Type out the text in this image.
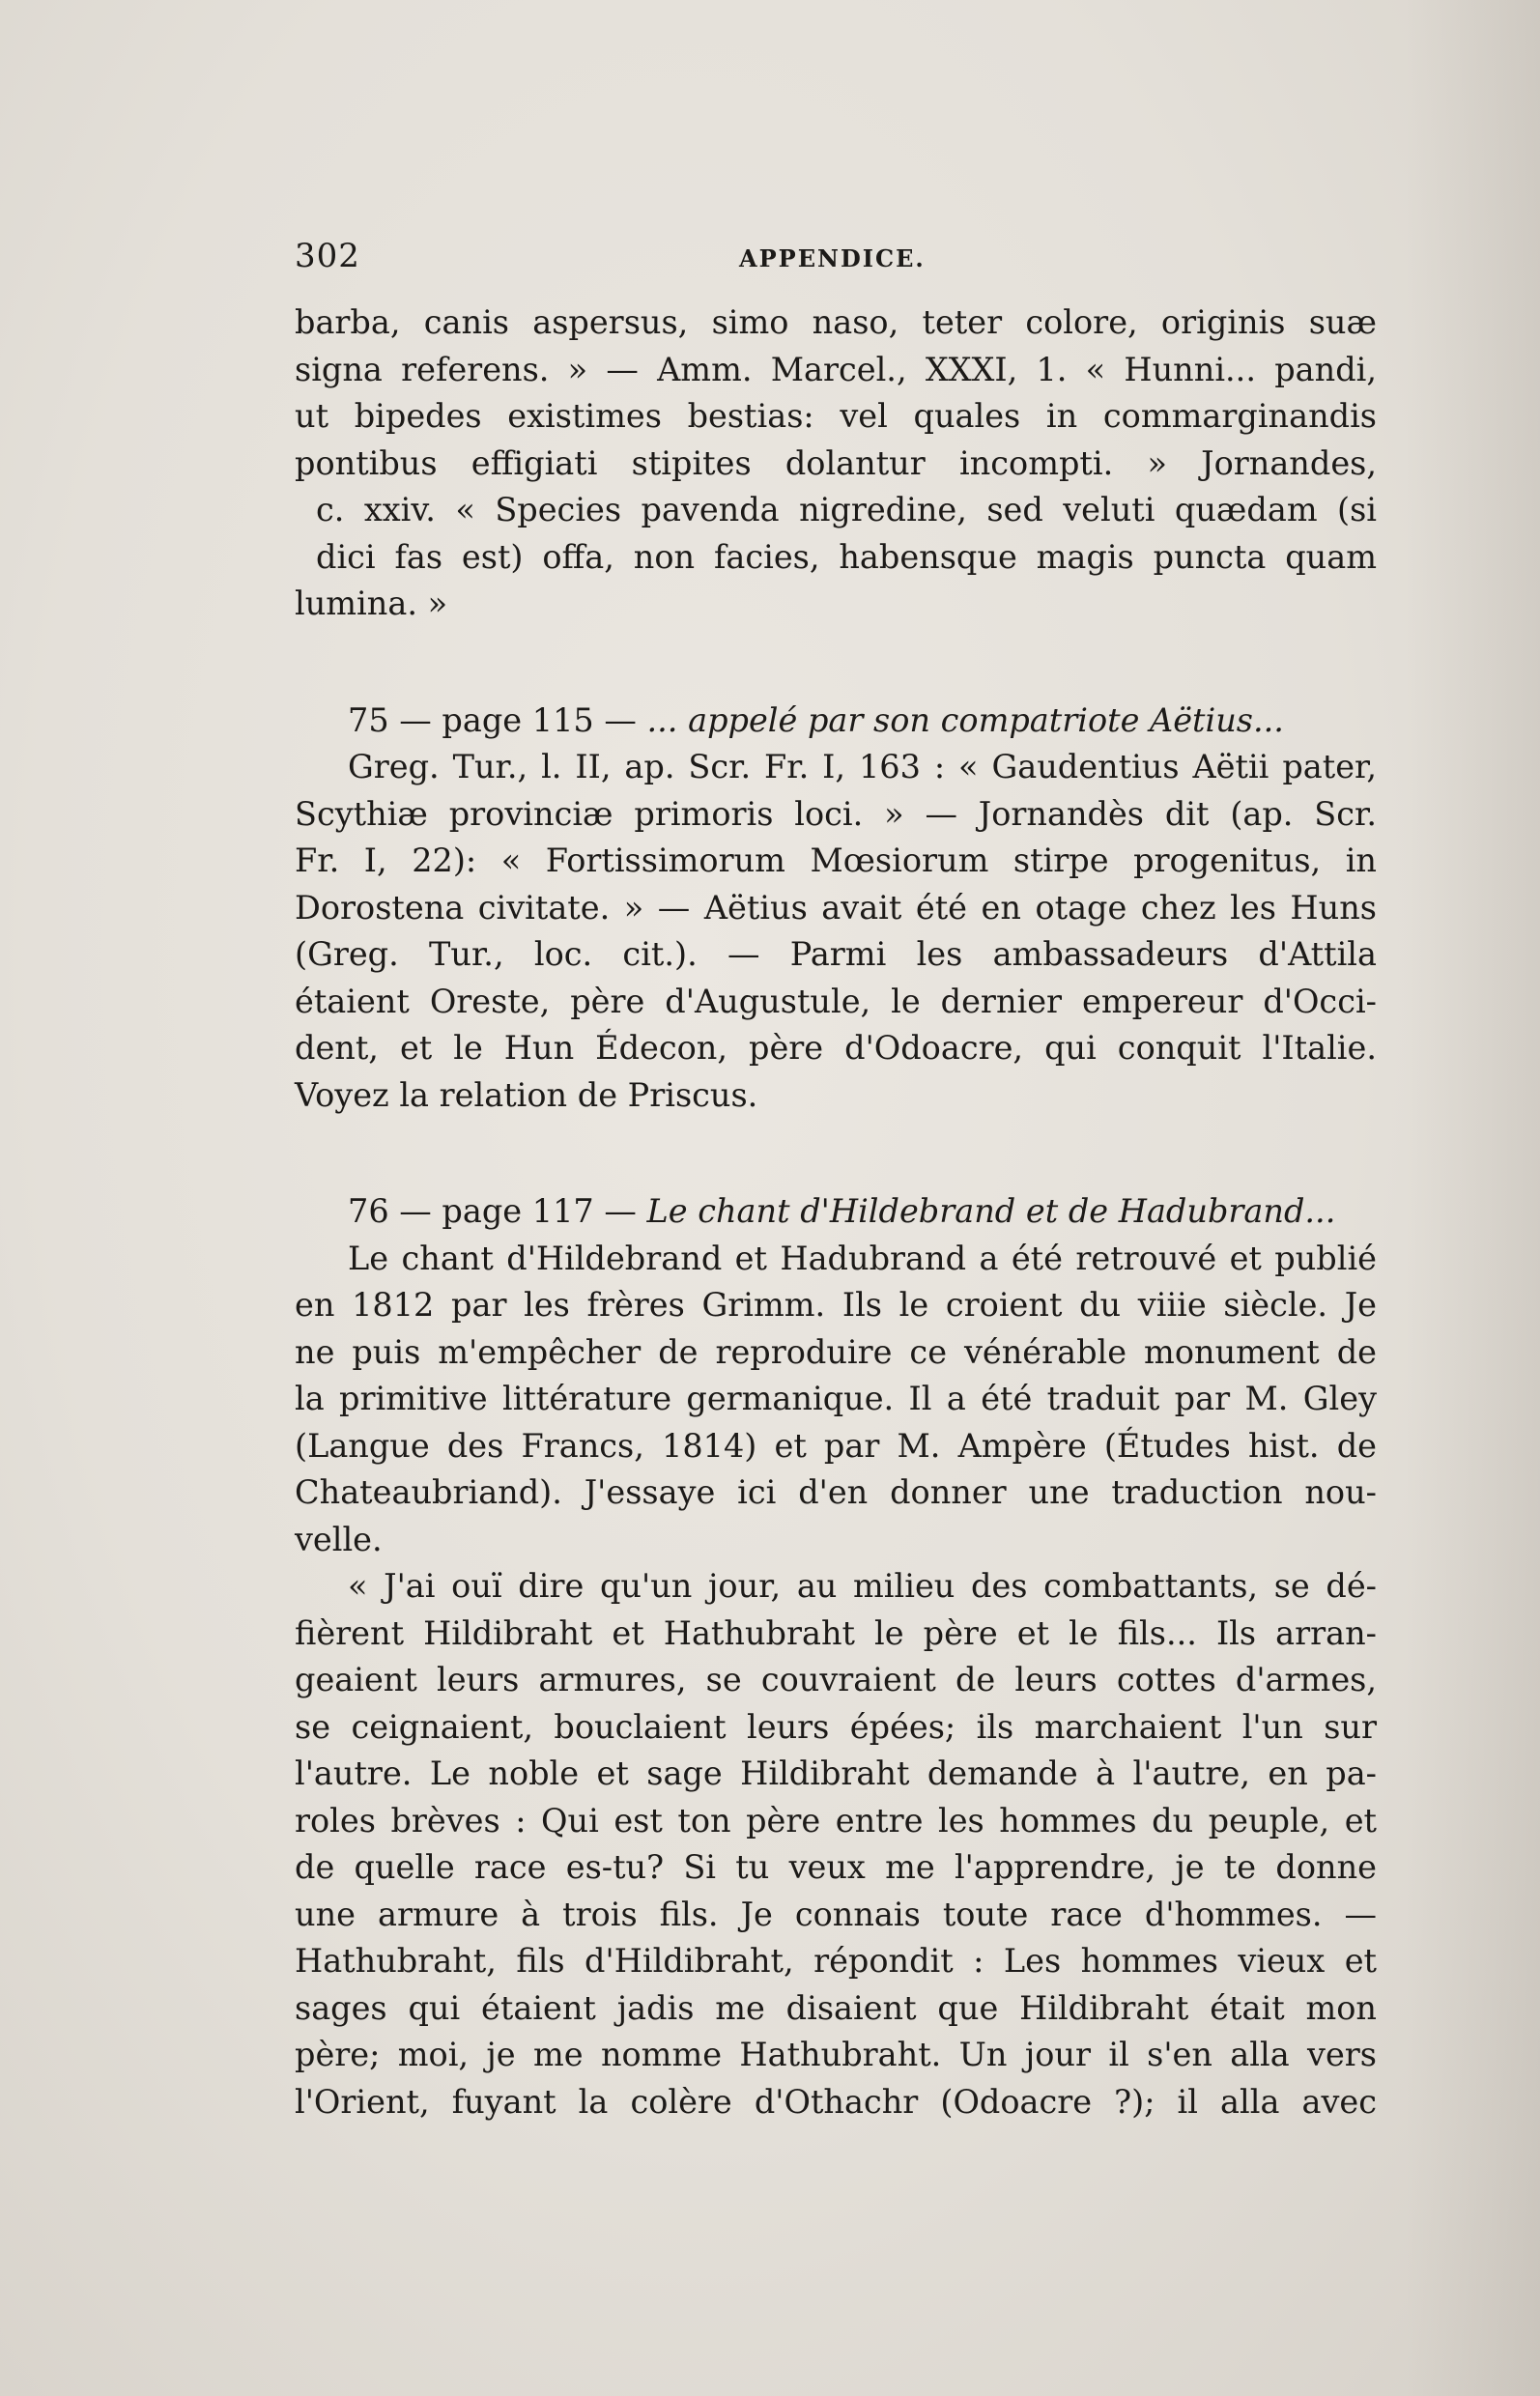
302	APPENDICE.
barba, canis aspersus, simo naso, teter colore, originis suæ
signa referens. » — Amm. Marcel., XXXI, 1. « Hunni... pandi,
ut bipedes existimes bestias: vel quales in commarginandis
pontibus effigiati stipites dolantur incompti. » Jornandes,
c. xxiv. « Species pavenda nigredine, sed veluti quædam (si
dici fas est) offa, non facies, habensque magis puncta quam
lumina. »
75 — page 115 — ... appelé par son compatriote Aëtius...
Greg. Tur., l. II, ap. Scr. Fr. I, 163 : « Gaudentius Aëtii pater,
Scythiæ provinciæ primoris loci. » — Jornandès dit (ap. Scr.
Fr. I, 22): « Fortissimorum Mœsiorum stirpe progenitus, in
Dorostena civitate. » — Aëtius avait été en otage chez les Huns
(Greg. Tur., loc. cit.). — Parmi les ambassadeurs d'Attila
étaient Oreste, père d'Augustule, le dernier empereur d'Occi-
dent, et le Hun Édecon, père d'Odoacre, qui conquit l'Italie.
Voyez la relation de Priscus.
76 — page 117 — Le chant d'Hildebrand et de Hadubrand...
Le chant d'Hildebrand et Hadubrand a été retrouvé et publié
en 1812 par les frères Grimm. Ils le croient du viiie siècle. Je
ne puis m'empêcher de reproduire ce vénérable monument de
la primitive littérature germanique. Il a été traduit par M. Gley
(Langue des Francs, 1814) et par M. Ampère (Études hist. de
Chateaubriand). J'essaye ici d'en donner une traduction nou-
velle.
« J'ai ouï dire qu'un jour, au milieu des combattants, se dé-
fièrent Hildibraht et Hathubraht le père et le fils... Ils arran-
geaient leurs armures, se couvraient de leurs cottes d'armes,
se ceignaient, bouclaient leurs épées; ils marchaient l'un sur
l'autre. Le noble et sage Hildibraht demande à l'autre, en pa-
roles brèves : Qui est ton père entre les hommes du peuple, et
de quelle race es-tu? Si tu veux me l'apprendre, je te donne
une armure à trois fils. Je connais toute race d'hommes. —
Hathubraht, fils d'Hildibraht, répondit : Les hommes vieux et
sages qui étaient jadis me disaient que Hildibraht était mon
père; moi, je me nomme Hathubraht. Un jour il s'en alla vers
l'Orient, fuyant la colère d'Othachr (Odoacre ?); il alla avec
